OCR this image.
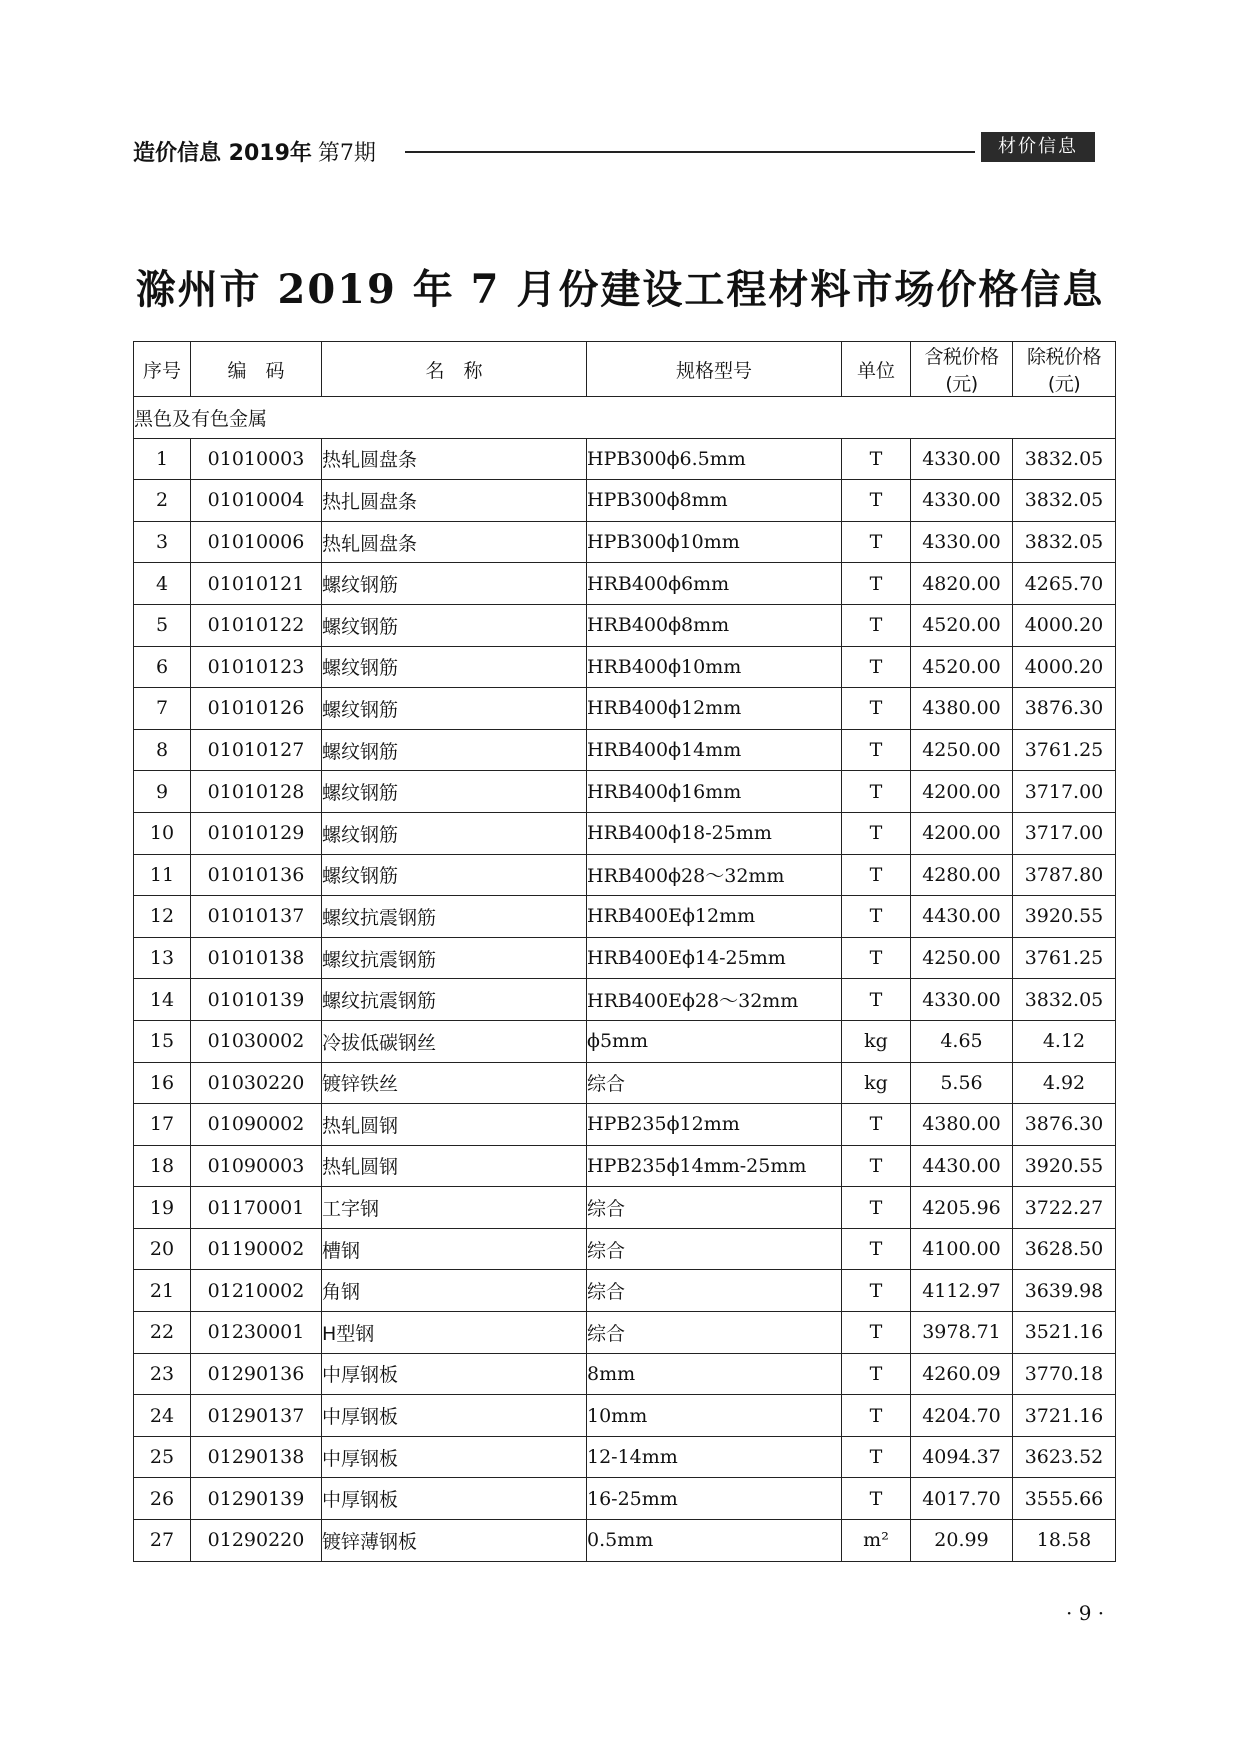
造价信息 2019年 第7期	材价信息
滁州市 2019 年 7 月份建设工程材料市场价格信息
序号	编　码	名　称	规格型号	单位	含税价格(元)	除税价格(元)
黑色及有色金属						
1	01010003	热轧圆盘条	HPB300ϕ6.5mm	T	4330.00	3832.05
2	01010004	热扎圆盘条	HPB300ϕ8mm	T	4330.00	3832.05
3	01010006	热轧圆盘条	HPB300ϕ10mm	T	4330.00	3832.05
4	01010121	螺纹钢筋	HRB400ϕ6mm	T	4820.00	4265.70
5	01010122	螺纹钢筋	HRB400ϕ8mm	T	4520.00	4000.20
6	01010123	螺纹钢筋	HRB400ϕ10mm	T	4520.00	4000.20
7	01010126	螺纹钢筋	HRB400ϕ12mm	T	4380.00	3876.30
8	01010127	螺纹钢筋	HRB400ϕ14mm	T	4250.00	3761.25
9	01010128	螺纹钢筋	HRB400ϕ16mm	T	4200.00	3717.00
10	01010129	螺纹钢筋	HRB400ϕ18-25mm	T	4200.00	3717.00
11	01010136	螺纹钢筋	HRB400ϕ28～32mm	T	4280.00	3787.80
12	01010137	螺纹抗震钢筋	HRB400Eϕ12mm	T	4430.00	3920.55
13	01010138	螺纹抗震钢筋	HRB400Eϕ14-25mm	T	4250.00	3761.25
14	01010139	螺纹抗震钢筋	HRB400Eϕ28～32mm	T	4330.00	3832.05
15	01030002	冷拔低碳钢丝	ϕ5mm	kg	4.65	4.12
16	01030220	镀锌铁丝	综合	kg	5.56	4.92
17	01090002	热轧圆钢	HPB235ϕ12mm	T	4380.00	3876.30
18	01090003	热轧圆钢	HPB235ϕ14mm-25mm	T	4430.00	3920.55
19	01170001	工字钢	综合	T	4205.96	3722.27
20	01190002	槽钢	综合	T	4100.00	3628.50
21	01210002	角钢	综合	T	4112.97	3639.98
22	01230001	H型钢	综合	T	3978.71	3521.16
23	01290136	中厚钢板	8mm	T	4260.09	3770.18
24	01290137	中厚钢板	10mm	T	4204.70	3721.16
25	01290138	中厚钢板	12-14mm	T	4094.37	3623.52
26	01290139	中厚钢板	16-25mm	T	4017.70	3555.66
27	01290220	镀锌薄钢板	0.5mm	m²	20.99	18.58
· 9 ·
